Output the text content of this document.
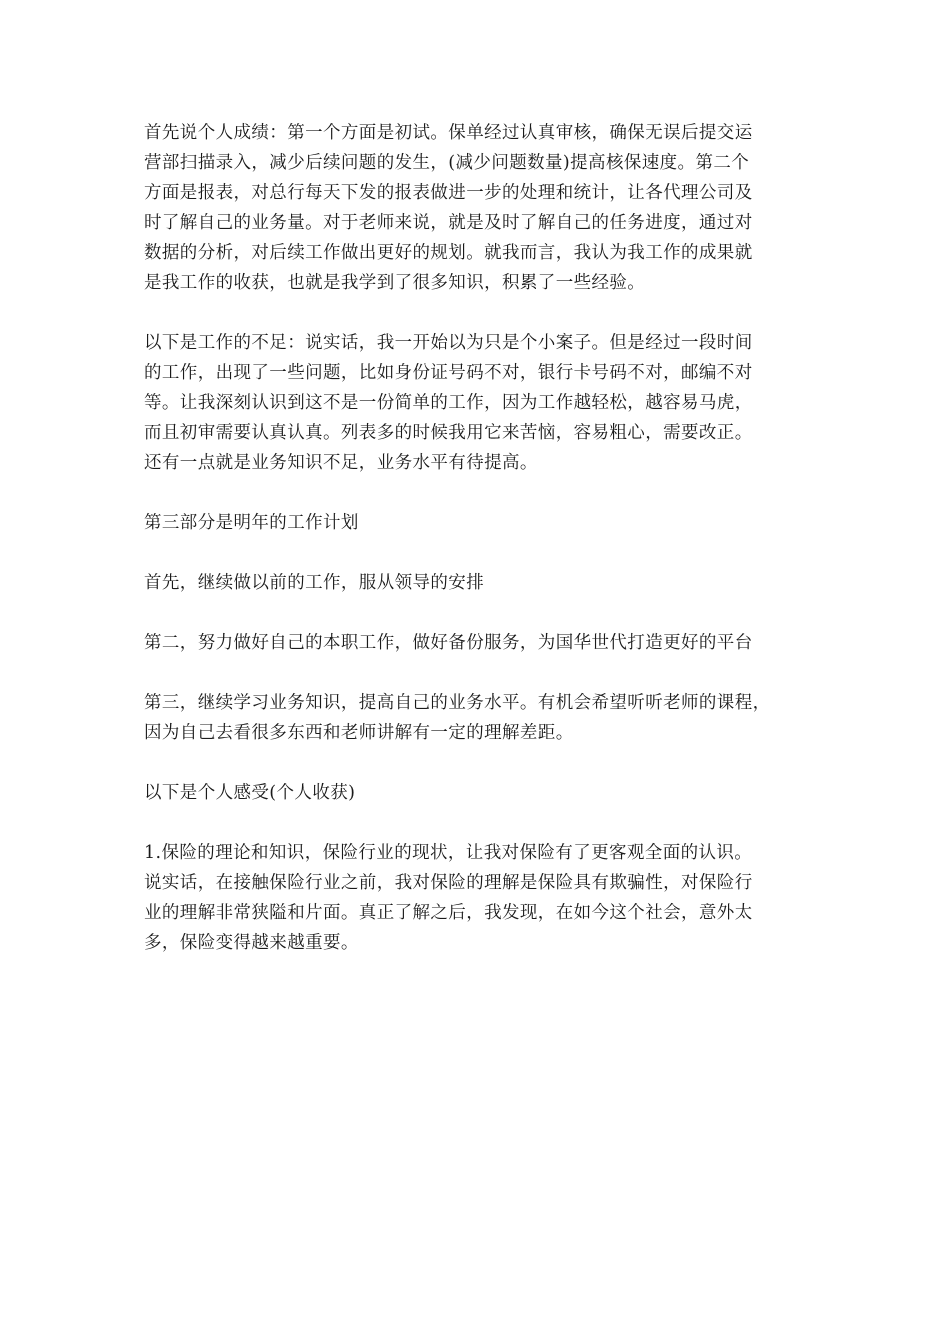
首先说个人成绩：第一个方面是初试。保单经过认真审核，确保无误后提交运
营部扫描录入，减少后续问题的发生，(减少问题数量)提高核保速度。第二个
方面是报表，对总行每天下发的报表做进一步的处理和统计，让各代理公司及
时了解自己的业务量。对于老师来说，就是及时了解自己的任务进度，通过对
数据的分析，对后续工作做出更好的规划。就我而言，我认为我工作的成果就
是我工作的收获，也就是我学到了很多知识，积累了一些经验。

以下是工作的不足：说实话，我一开始以为只是个小案子。但是经过一段时间
的工作，出现了一些问题，比如身份证号码不对，银行卡号码不对，邮编不对
等。让我深刻认识到这不是一份简单的工作，因为工作越轻松，越容易马虎，
而且初审需要认真认真。列表多的时候我用它来苦恼，容易粗心，需要改正。
还有一点就是业务知识不足，业务水平有待提高。

第三部分是明年的工作计划

首先，继续做以前的工作，服从领导的安排

第二，努力做好自己的本职工作，做好备份服务，为国华世代打造更好的平台

第三，继续学习业务知识，提高自己的业务水平。有机会希望听听老师的课程，
因为自己去看很多东西和老师讲解有一定的理解差距。

以下是个人感受(个人收获)

1.保险的理论和知识，保险行业的现状，让我对保险有了更客观全面的认识。
说实话，在接触保险行业之前，我对保险的理解是保险具有欺骗性，对保险行
业的理解非常狭隘和片面。真正了解之后，我发现，在如今这个社会，意外太
多，保险变得越来越重要。
